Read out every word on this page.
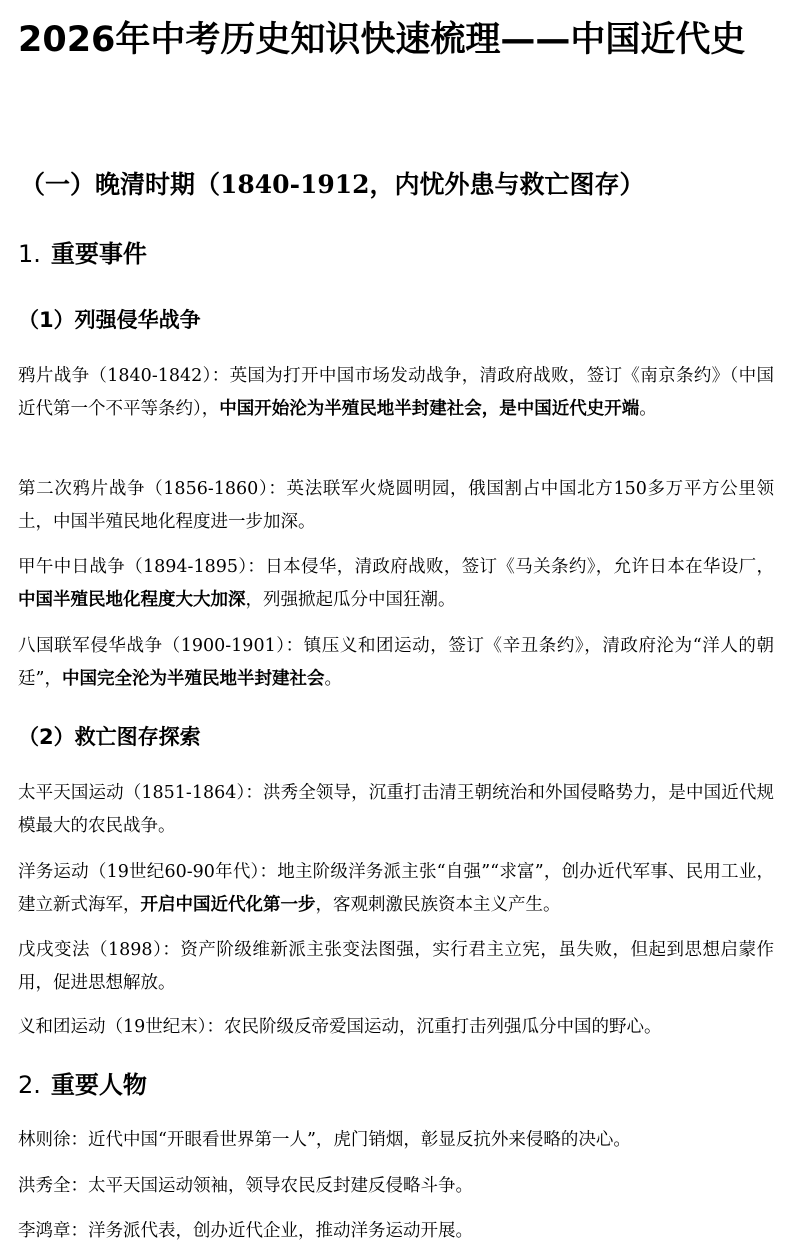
2026年中考历史知识快速梳理——中国近代史
（一）晚清时期（1840-1912，内忧外患与救亡图存）
1. 重要事件
（1）列强侵华战争

鸦片战争（1840-1842）：英国为打开中国市场发动战争，清政府战败，签订《南京条约》（中国近代第一个不平等条约），中国开始沦为半殖民地半封建社会，是中国近代史开端。

第二次鸦片战争（1856-1860）：英法联军火烧圆明园，俄国割占中国北方150多万平方公里领土，中国半殖民地化程度进一步加深。

甲午中日战争（1894-1895）：日本侵华，清政府战败，签订《马关条约》，允许日本在华设厂，中国半殖民地化程度大大加深，列强掀起瓜分中国狂潮。

八国联军侵华战争（1900-1901）：镇压义和团运动，签订《辛丑条约》，清政府沦为“洋人的朝廷”，中国完全沦为半殖民地半封建社会。

（2）救亡图存探索

太平天国运动（1851-1864）：洪秀全领导，沉重打击清王朝统治和外国侵略势力，是中国近代规模最大的农民战争。

洋务运动（19世纪60-90年代）：地主阶级洋务派主张“自强”“求富”，创办近代军事、民用工业，建立新式海军，开启中国近代化第一步，客观刺激民族资本主义产生。

戊戌变法（1898）：资产阶级维新派主张变法图强，实行君主立宪，虽失败，但起到思想启蒙作用，促进思想解放。

义和团运动（19世纪末）：农民阶级反帝爱国运动，沉重打击列强瓜分中国的野心。

2. 重要人物

林则徐：近代中国“开眼看世界第一人”，虎门销烟，彰显反抗外来侵略的决心。

洪秀全：太平天国运动领袖，领导农民反封建反侵略斗争。

李鸿章：洋务派代表，创办近代企业，推动洋务运动开展。
